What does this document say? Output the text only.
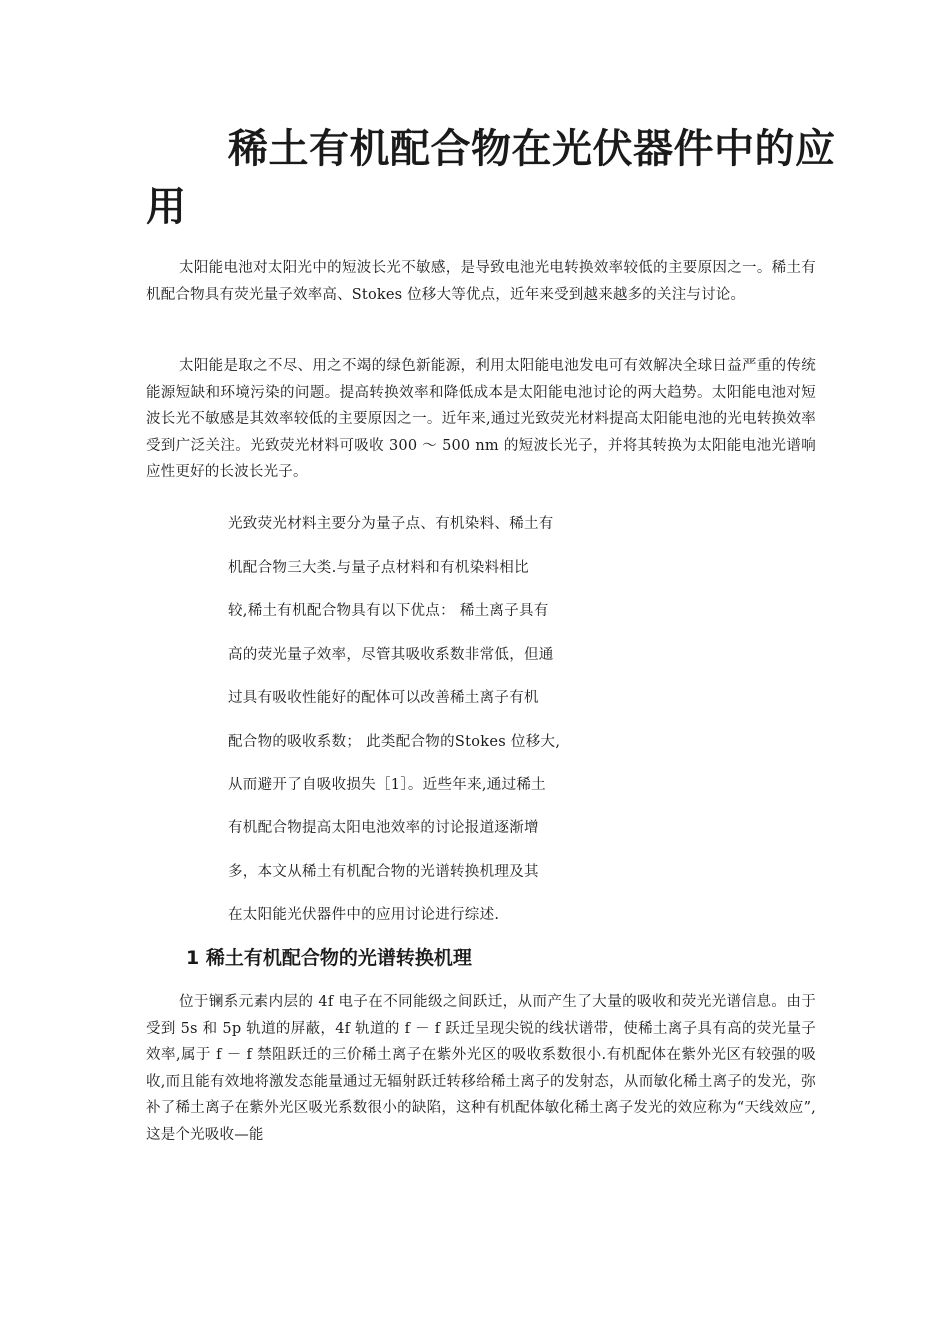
稀土有机配合物在光伏器件中的应用

太阳能电池对太阳光中的短波长光不敏感，是导致电池光电转换效率较低的主要原因之一。稀土有机配合物具有荧光量子效率高、Stokes 位移大等优点，近年来受到越来越多的关注与讨论。

太阳能是取之不尽、用之不竭的绿色新能源，利用太阳能电池发电可有效解决全球日益严重的传统能源短缺和环境污染的问题。提高转换效率和降低成本是太阳能电池讨论的两大趋势。太阳能电池对短波长光不敏感是其效率较低的主要原因之一。近年来,通过光致荧光材料提高太阳能电池的光电转换效率受到广泛关注。光致荧光材料可吸收 300 ～ 500 nm 的短波长光子，并将其转换为太阳能电池光谱响应性更好的长波长光子。

光致荧光材料主要分为量子点、有机染料、稀土有

机配合物三大类.与量子点材料和有机染料相比

较,稀土有机配合物具有以下优点： 稀土离子具有

高的荧光量子效率，尽管其吸收系数非常低，但通

过具有吸收性能好的配体可以改善稀土离子有机

配合物的吸收系数； 此类配合物的Stokes 位移大,

从而避开了自吸收损失［1］。近些年来,通过稀土

有机配合物提高太阳电池效率的讨论报道逐渐增

多，本文从稀土有机配合物的光谱转换机理及其

在太阳能光伏器件中的应用讨论进行综述.

1 稀土有机配合物的光谱转换机理

位于镧系元素内层的 4f 电子在不同能级之间跃迁，从而产生了大量的吸收和荧光光谱信息。由于受到 5s 和 5p 轨道的屏蔽，4f 轨道的 f － f 跃迁呈现尖锐的线状谱带，使稀土离子具有高的荧光量子效率,属于 f － f 禁阻跃迁的三价稀土离子在紫外光区的吸收系数很小.有机配体在紫外光区有较强的吸收,而且能有效地将激发态能量通过无辐射跃迁转移给稀土离子的发射态，从而敏化稀土离子的发光，弥补了稀土离子在紫外光区吸光系数很小的缺陷，这种有机配体敏化稀土离子发光的效应称为“天线效应”,这是个光吸收—能
